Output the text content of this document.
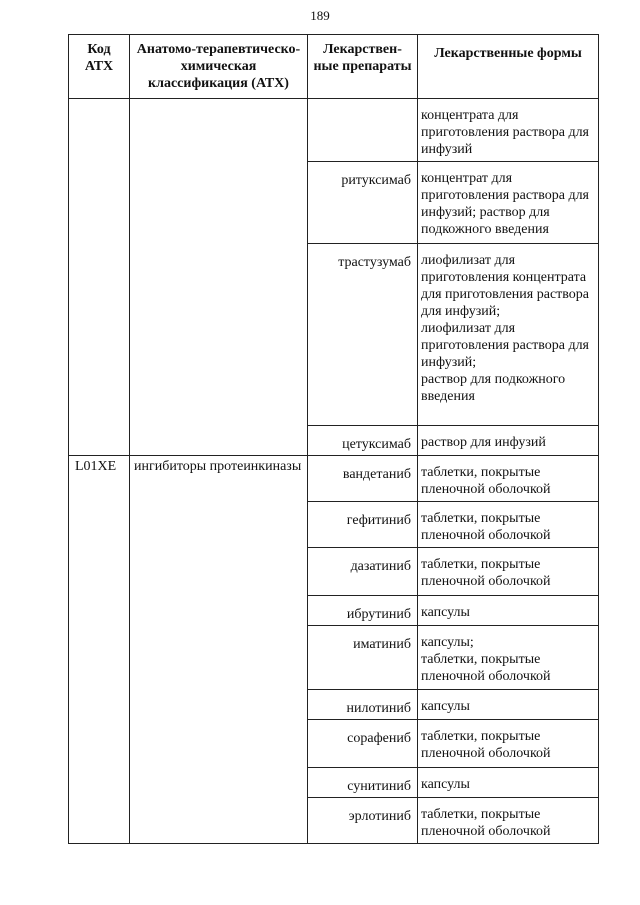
189
Код АТХ	Анатомо-терапевтическо-химическая классификация (АТХ)	Лекарствен-ные препараты	Лекарственные формы
			концентрата для приготовления раствора для инфузий
		ритуксимаб	концентрат для приготовления раствора для инфузий; раствор для подкожного введения
		трастузумаб	лиофилизат для приготовления концентрата для приготовления раствора для инфузий;
лиофилизат для приготовления раствора для инфузий;
раствор для подкожного введения
		цетуксимаб	раствор для инфузий
L01XE	ингибиторы протеинкиназы	вандетаниб	таблетки, покрытые пленочной оболочкой
		гефитиниб	таблетки, покрытые пленочной оболочкой
		дазатиниб	таблетки, покрытые пленочной оболочкой
		ибрутиниб	капсулы
		иматиниб	капсулы;
таблетки, покрытые пленочной оболочкой
		нилотиниб	капсулы
		сорафениб	таблетки, покрытые пленочной оболочкой
		сунитиниб	капсулы
		эрлотиниб	таблетки, покрытые пленочной оболочкой
